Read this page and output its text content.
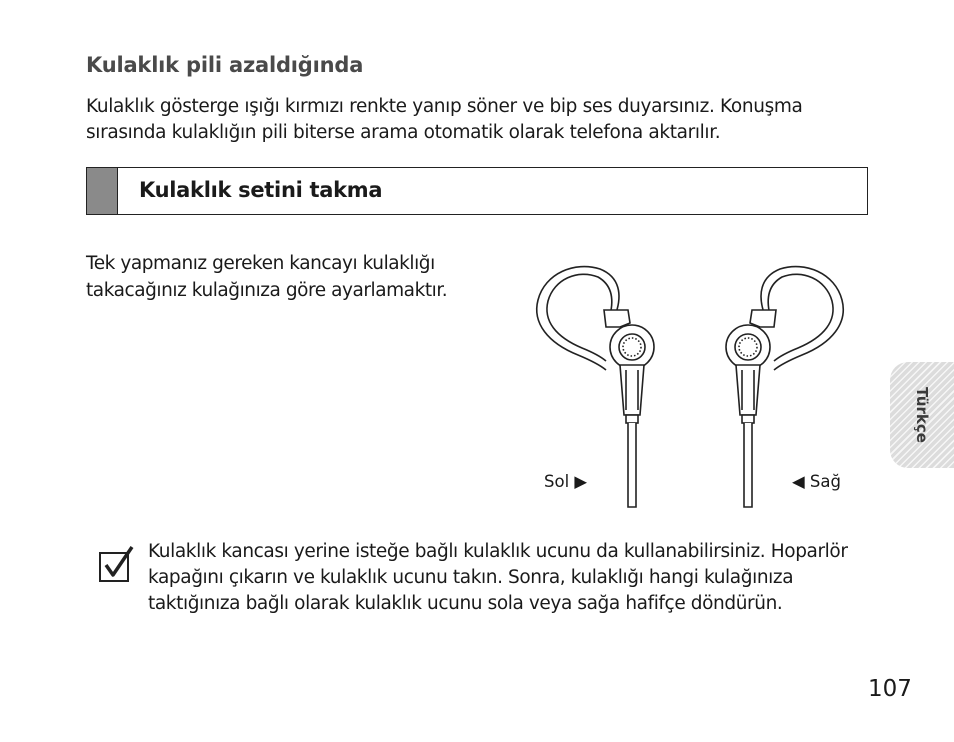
Kulaklık pili azaldığında
Kulaklık gösterge ışığı kırmızı renkte yanıp söner ve bip ses duyarsınız. Konuşma sırasında kulaklığın pili biterse arama otomatik olarak telefona aktarılır.
Kulaklık setini takma
Tek yapmanız gereken kancayı kulaklığı takacağınız kulağınıza göre ayarlamaktır.
Sol ▶	◀ Sağ
Kulaklık kancası yerine isteğe bağlı kulaklık ucunu da kullanabilirsiniz. Hoparlör kapağını çıkarın ve kulaklık ucunu takın. Sonra, kulaklığı hangi kulağınıza taktığınıza bağlı olarak kulaklık ucunu sola veya sağa hafifçe döndürün.
Türkçe
107
